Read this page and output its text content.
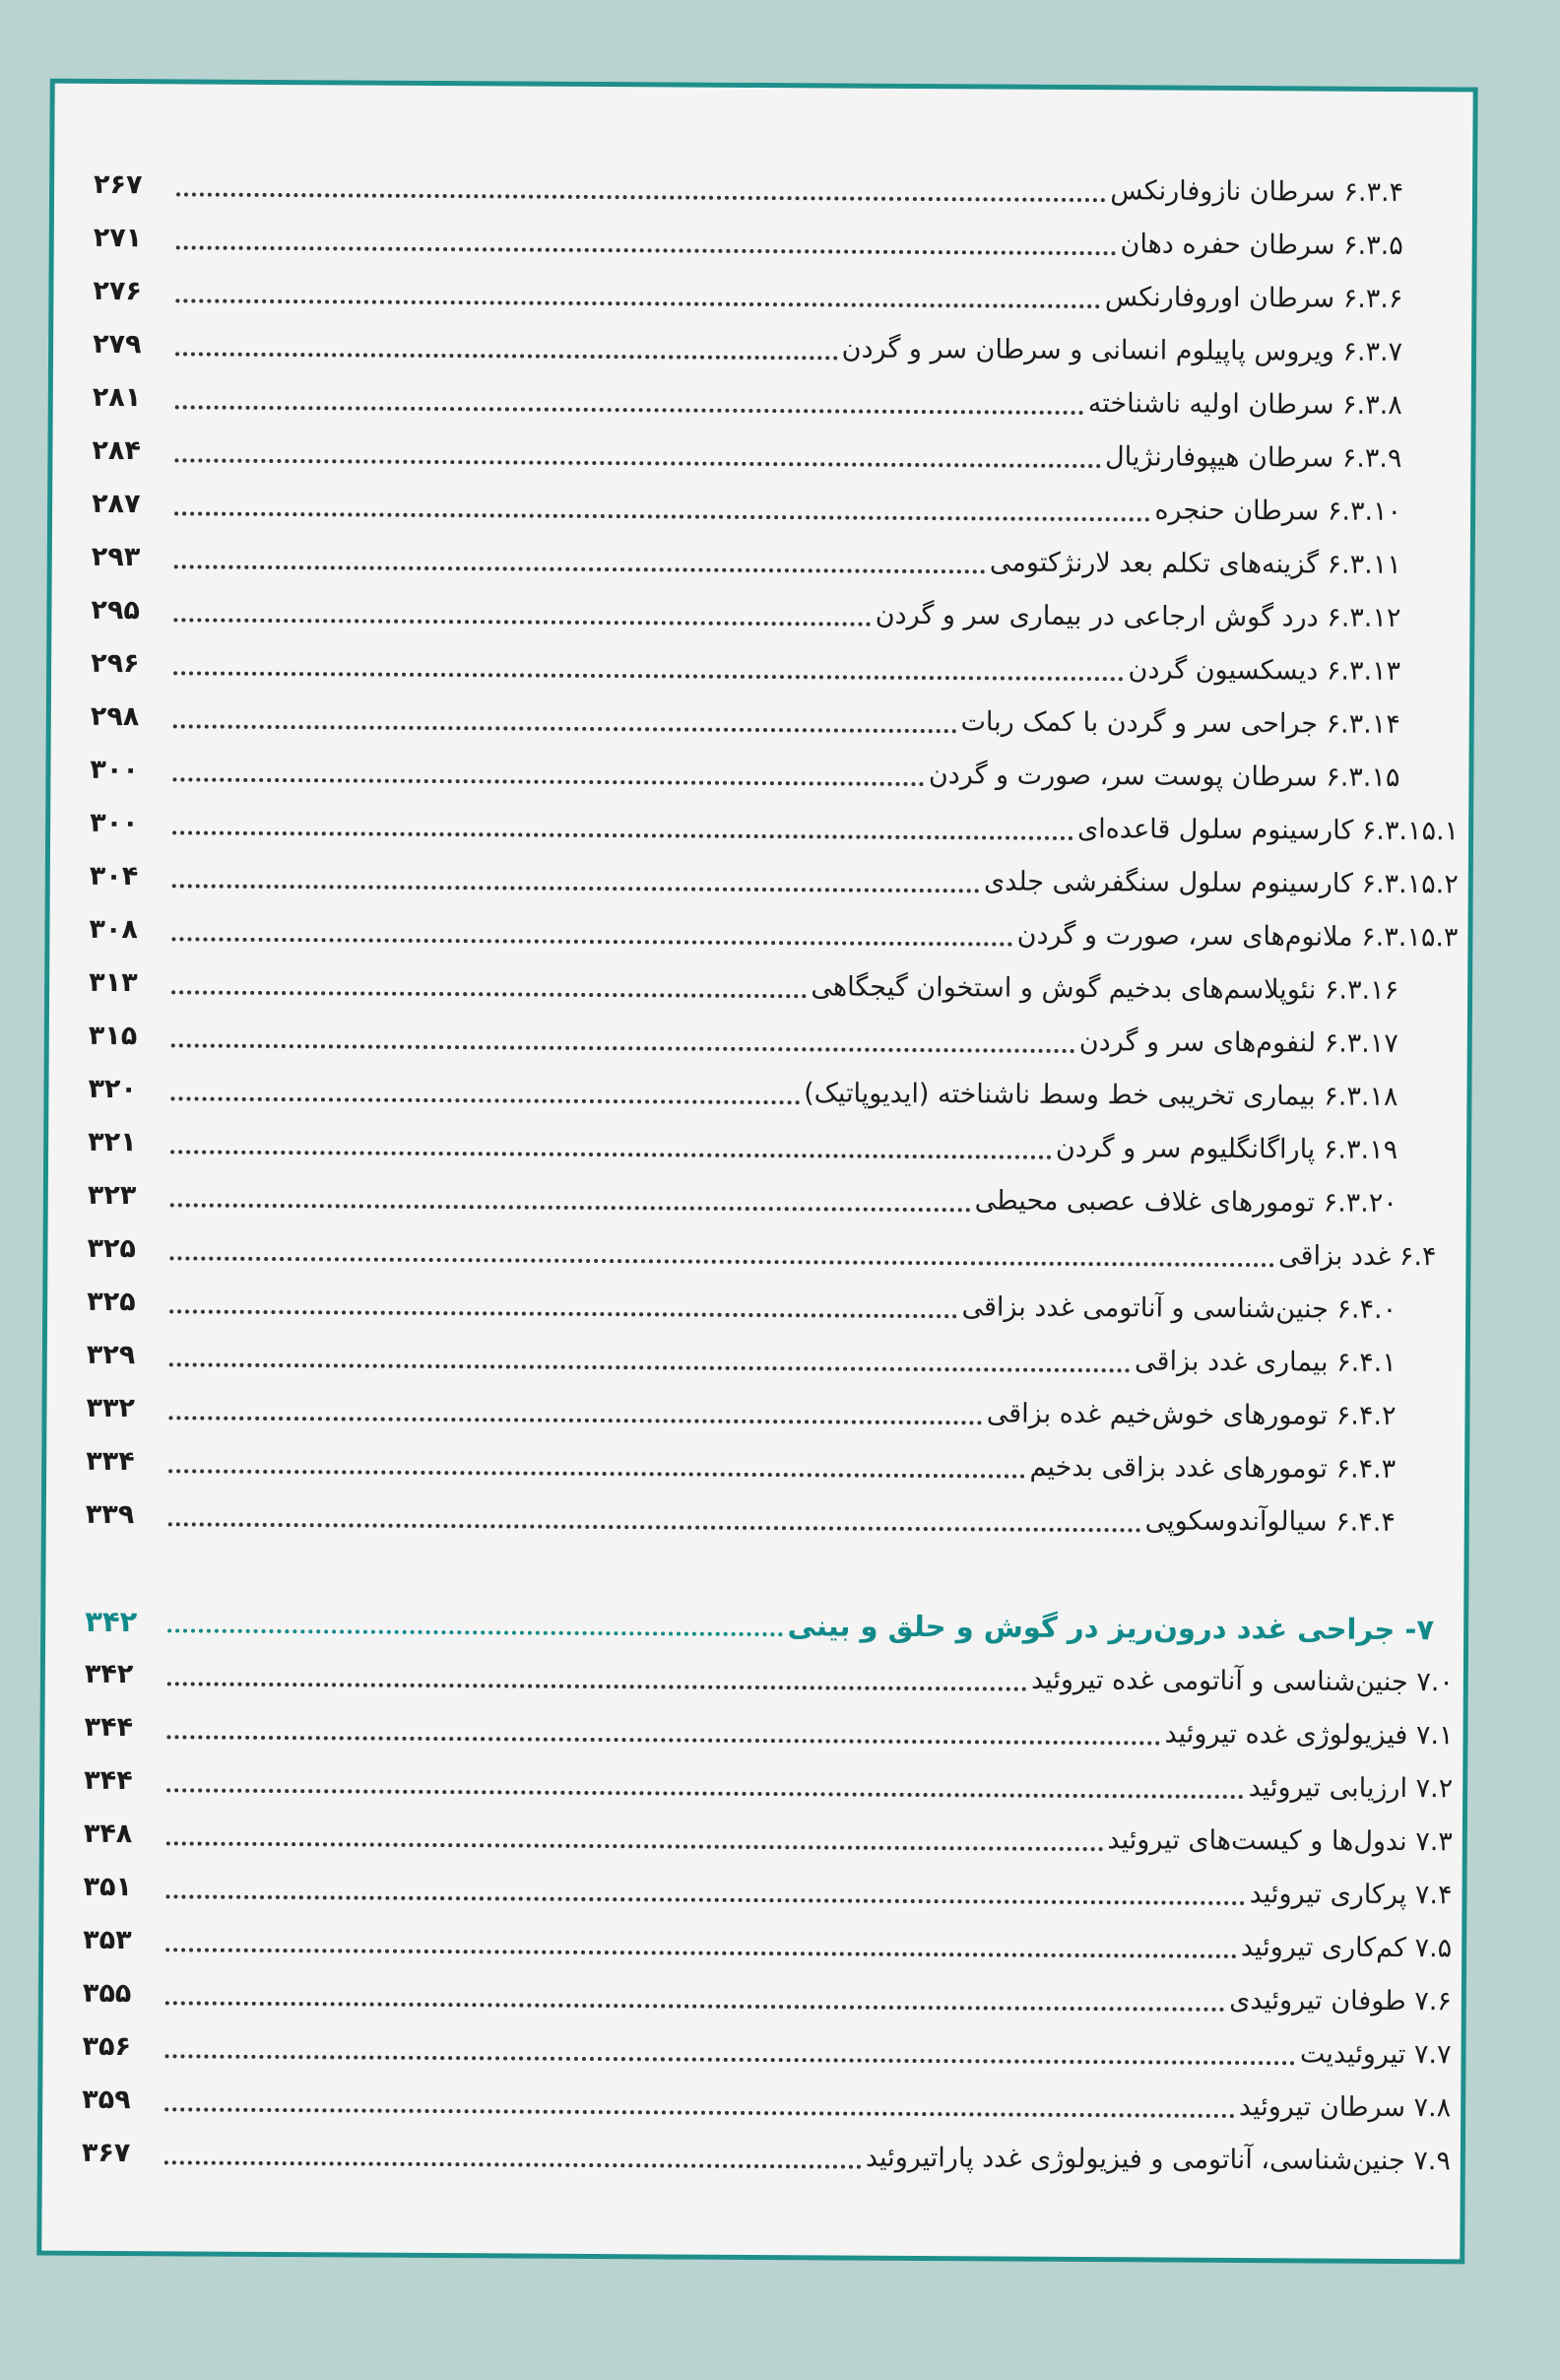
۲۶۷	۶.۳.۴ سرطان نازوفارنکس
۲۷۱	۶.۳.۵ سرطان حفره دهان
۲۷۶	۶.۳.۶ سرطان اوروفارنکس
۲۷۹	۶.۳.۷ ویروس پاپیلوم انسانی و سرطان سر و گردن
۲۸۱	۶.۳.۸ سرطان اولیه ناشناخته
۲۸۴	۶.۳.۹ سرطان هیپوفارنژیال
۲۸۷	۶.۳.۱۰ سرطان حنجره
۲۹۳	۶.۳.۱۱ گزینه‌های تکلم بعد لارنژکتومی
۲۹۵	۶.۳.۱۲ درد گوش ارجاعی در بیماری سر و گردن
۲۹۶	۶.۳.۱۳ دیسکسیون گردن
۲۹۸	۶.۳.۱۴ جراحی سر و گردن با کمک ربات
۳۰۰	۶.۳.۱۵ سرطان پوست سر، صورت و گردن
۳۰۰	۶.۳.۱۵.۱ کارسینوم سلول قاعده‌ای
۳۰۴	۶.۳.۱۵.۲ کارسینوم سلول سنگفرشی جلدی
۳۰۸	۶.۳.۱۵.۳ ملانوم‌های سر، صورت و گردن
۳۱۳	۶.۳.۱۶ نئوپلاسم‌های بدخیم گوش و استخوان گیجگاهی
۳۱۵	۶.۳.۱۷ لنفوم‌های سر و گردن
۳۲۰	۶.۳.۱۸ بیماری تخریبی خط وسط ناشناخته (ایدیوپاتیک)
۳۲۱	۶.۳.۱۹ پاراگانگلیوم سر و گردن
۳۲۳	۶.۳.۲۰ تومورهای غلاف عصبی محیطی
۳۲۵	۶.۴ غدد بزاقی
۳۲۵	۶.۴.۰ جنین‌شناسی و آناتومی غدد بزاقی
۳۲۹	۶.۴.۱ بیماری غدد بزاقی
۳۳۲	۶.۴.۲ تومورهای خوش‌خیم غده بزاقی
۳۳۴	۶.۴.۳ تومورهای غدد بزاقی بدخیم
۳۳۹	۶.۴.۴ سیالوآندوسکوپی
۳۴۲	۷- جراحی غدد درون‌ریز در گوش و حلق و بینی
۳۴۲	۷.۰ جنین‌شناسی و آناتومی غده تیروئید
۳۴۴	۷.۱ فیزیولوژی غده تیروئید
۳۴۴	۷.۲ ارزیابی تیروئید
۳۴۸	۷.۳ ندول‌ها و کیست‌های تیروئید
۳۵۱	۷.۴ پرکاری تیروئید
۳۵۳	۷.۵ کم‌کاری تیروئید
۳۵۵	۷.۶ طوفان تیروئیدی
۳۵۶	۷.۷ تیروئیدیت
۳۵۹	۷.۸ سرطان تیروئید
۳۶۷	۷.۹ جنین‌شناسی، آناتومی و فیزیولوژی غدد پاراتیروئید
